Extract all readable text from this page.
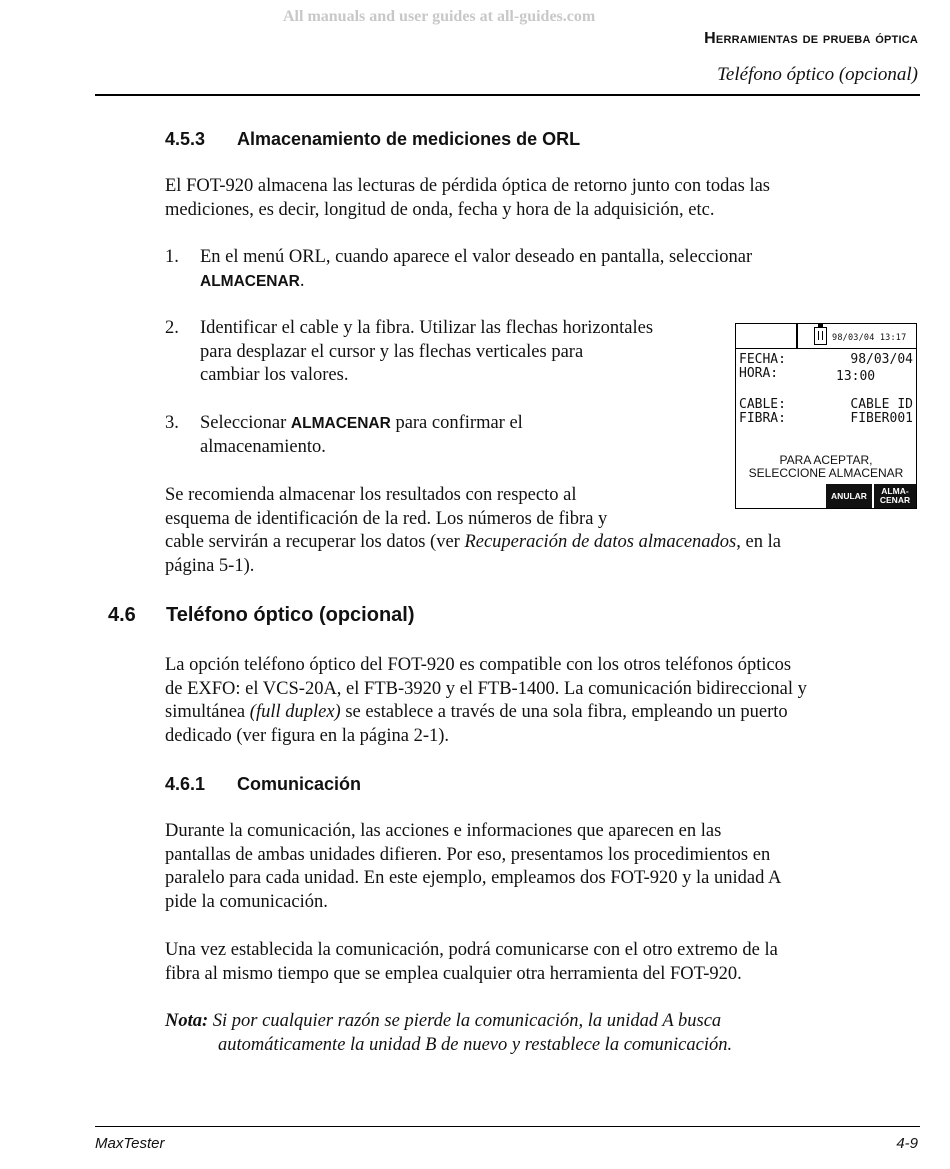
All manuals and user guides at all-guides.com
Herramientas de prueba óptica
Teléfono óptico (opcional)
4.5.3 Almacenamiento de mediciones de ORL
El FOT-920 almacena las lecturas de pérdida óptica de retorno junto con todas las
mediciones, es decir, longitud de onda, fecha y hora de la adquisición, etc.
1. En el menú ORL, cuando aparece el valor deseado en pantalla, seleccionar
ALMACENAR.
2. Identificar el cable y la fibra. Utilizar las flechas horizontales
para desplazar el cursor y las flechas verticales para
cambiar los valores.
3. Seleccionar ALMACENAR para confirmar el
almacenamiento.
Se recomienda almacenar los resultados con respecto al
esquema de identificación de la red. Los números de fibra y
cable servirán a recuperar los datos (ver Recuperación de datos almacenados, en la
página 5-1).
98/03/04 13:17
FECHA:	98/03/04
HORA:	13:00
CABLE:	CABLE ID
FIBRA:	FIBER001
PARA ACEPTAR,
SELECCIONE ALMACENAR
ANULAR ALMA-
CENAR
4.6 Teléfono óptico (opcional)
La opción teléfono óptico del FOT-920 es compatible con los otros teléfonos ópticos
de EXFO: el VCS-20A, el FTB-3920 y el FTB-1400. La comunicación bidireccional y
simultánea (full duplex) se establece a través de una sola fibra, empleando un puerto
dedicado (ver figura en la página 2-1).
4.6.1 Comunicación
Durante la comunicación, las acciones e informaciones que aparecen en las
pantallas de ambas unidades difieren. Por eso, presentamos los procedimientos en
paralelo para cada unidad. En este ejemplo, empleamos dos FOT-920 y la unidad A
pide la comunicación.
Una vez establecida la comunicación, podrá comunicarse con el otro extremo de la
fibra al mismo tiempo que se emplea cualquier otra herramienta del FOT-920.
Nota: Si por cualquier razón se pierde la comunicación, la unidad A busca
automáticamente la unidad B de nuevo y restablece la comunicación.
MaxTester	4-9
